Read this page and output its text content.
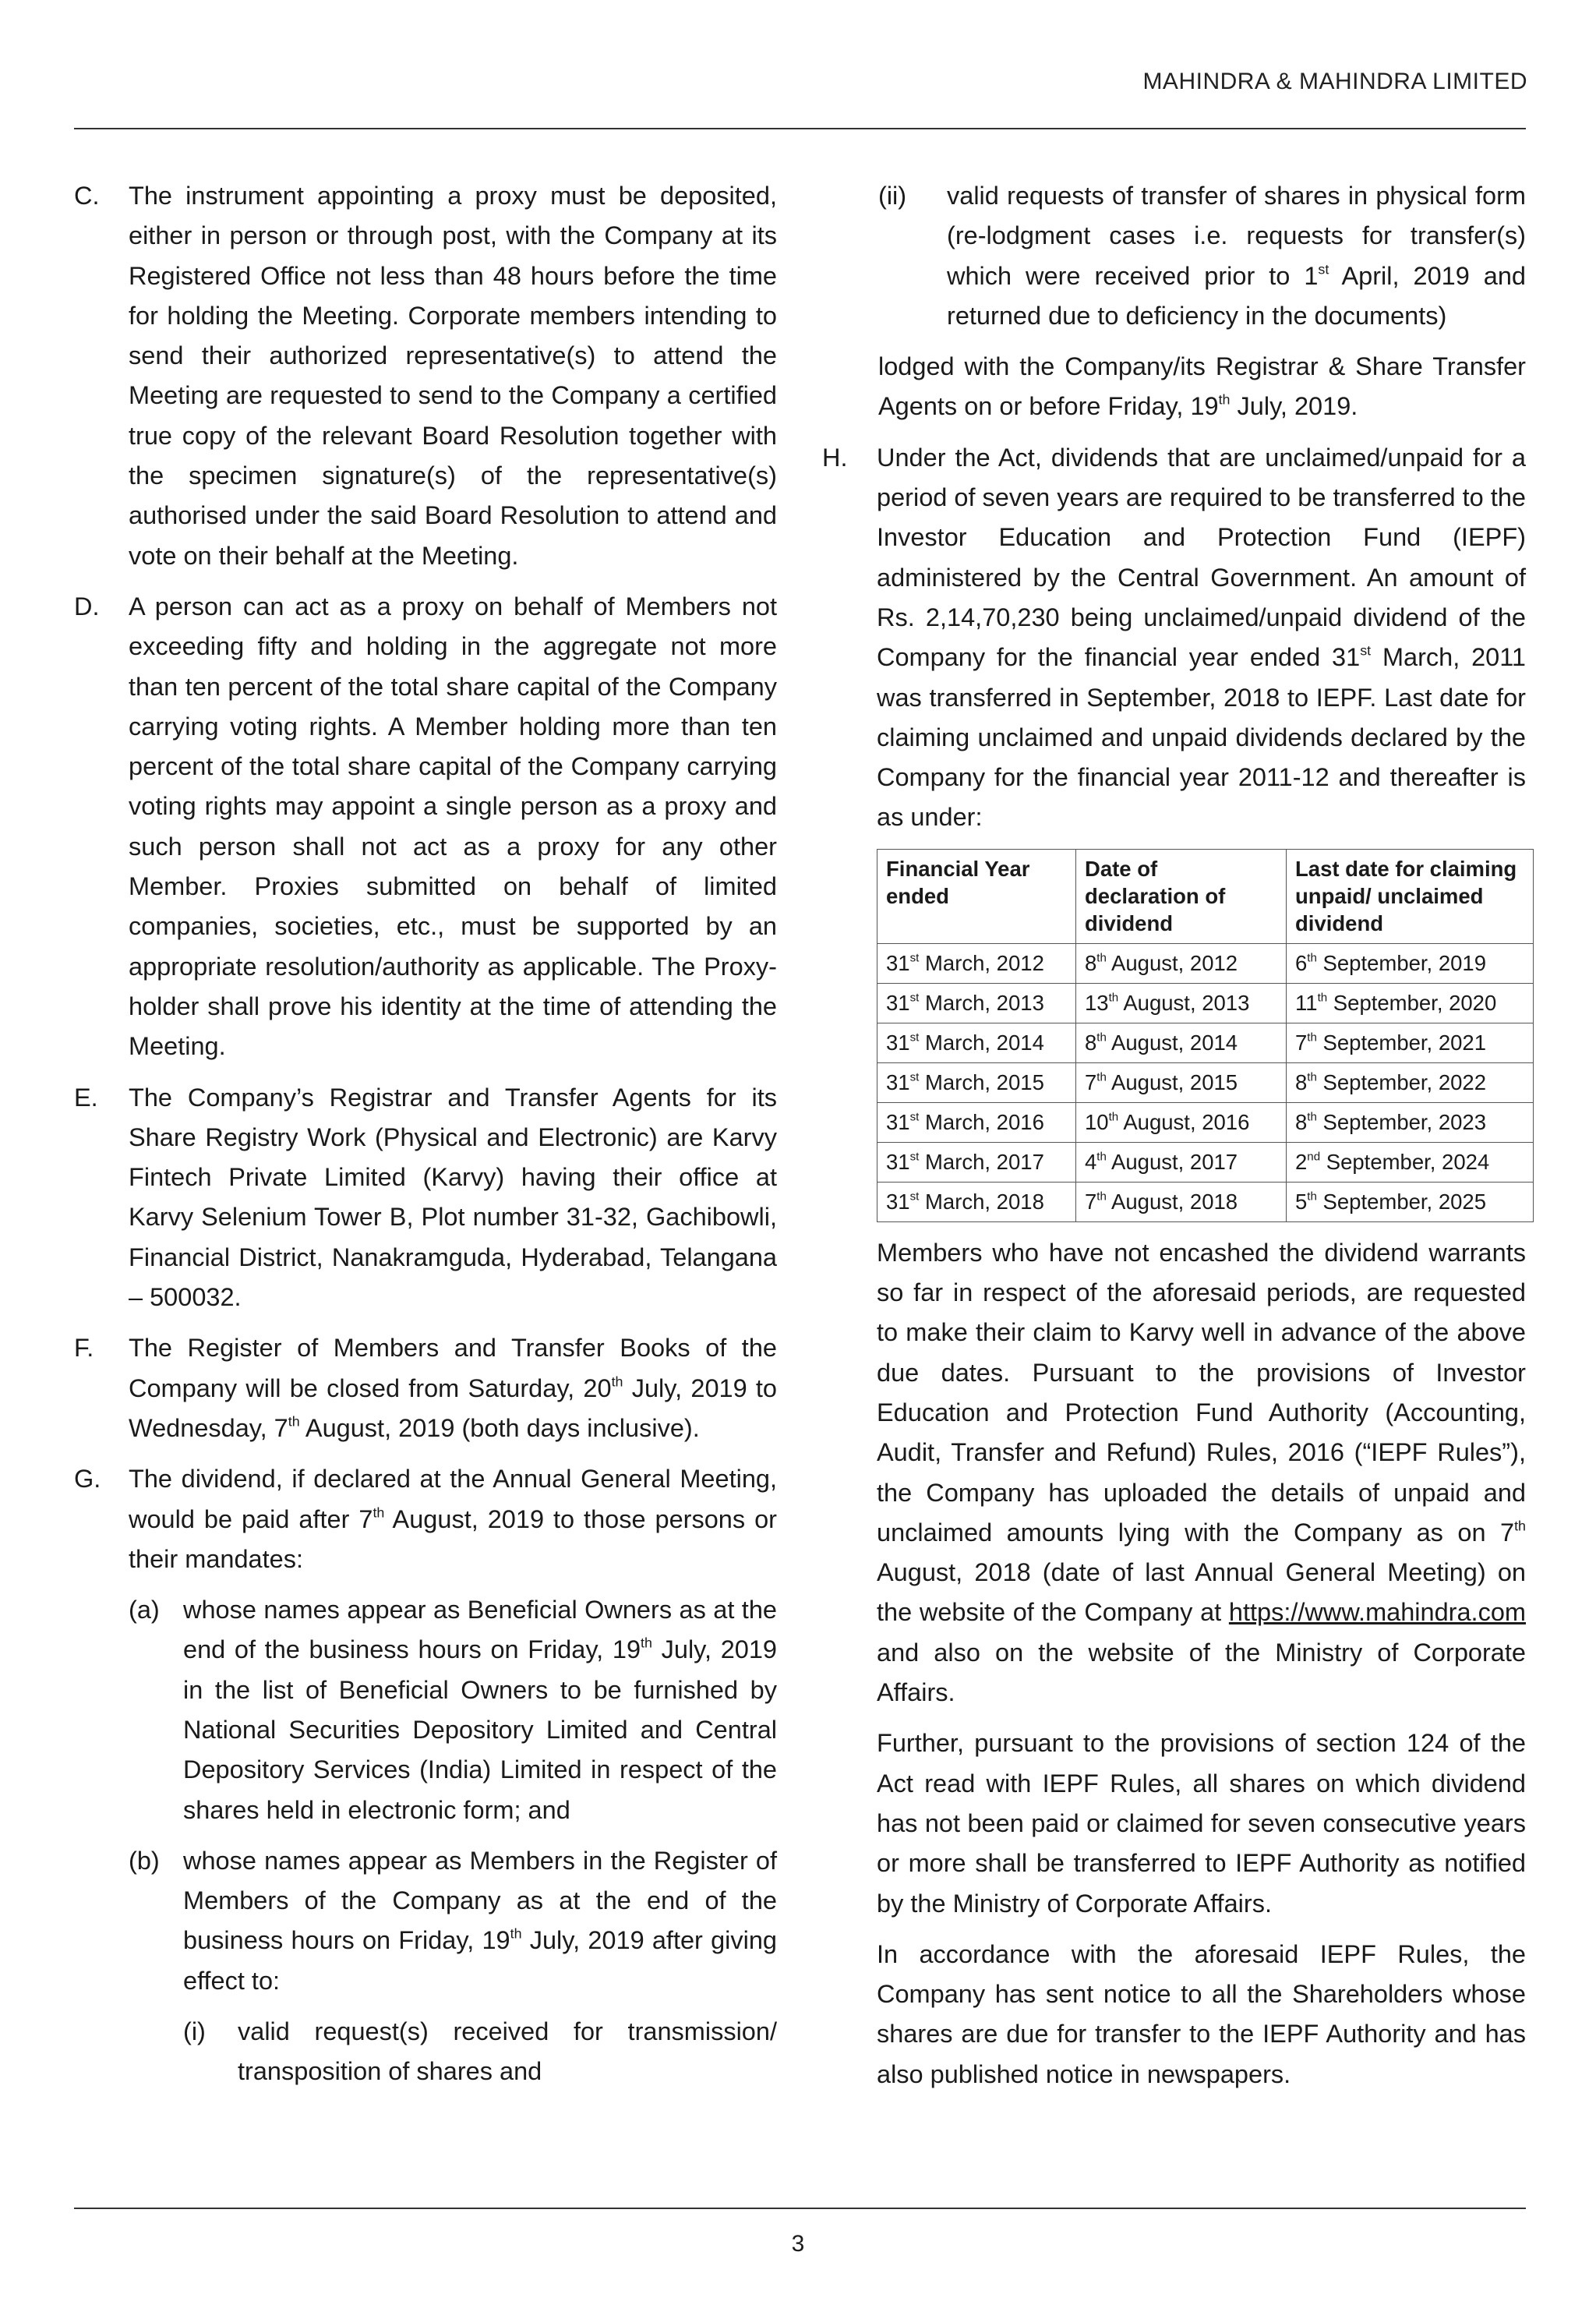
MAHINDRA & MAHINDRA LIMITED
C. The instrument appointing a proxy must be deposited, either in person or through post, with the Company at its Registered Office not less than 48 hours before the time for holding the Meeting. Corporate members intending to send their authorized representative(s) to attend the Meeting are requested to send to the Company a certified true copy of the relevant Board Resolution together with the specimen signature(s) of the representative(s) authorised under the said Board Resolution to attend and vote on their behalf at the Meeting.

D. A person can act as a proxy on behalf of Members not exceeding fifty and holding in the aggregate not more than ten percent of the total share capital of the Company carrying voting rights. A Member holding more than ten percent of the total share capital of the Company carrying voting rights may appoint a single person as a proxy and such person shall not act as a proxy for any other Member. Proxies submitted on behalf of limited companies, societies, etc., must be supported by an appropriate resolution/authority as applicable. The Proxy-holder shall prove his identity at the time of attending the Meeting.

E. The Company’s Registrar and Transfer Agents for its Share Registry Work (Physical and Electronic) are Karvy Fintech Private Limited (Karvy) having their office at Karvy Selenium Tower B, Plot number 31-32, Gachibowli, Financial District, Nanakramguda, Hyderabad, Telangana – 500032.

F. The Register of Members and Transfer Books of the Company will be closed from Saturday, 20th July, 2019 to Wednesday, 7th August, 2019 (both days inclusive).

G. The dividend, if declared at the Annual General Meeting, would be paid after 7th August, 2019 to those persons or their mandates:

(a) whose names appear as Beneficial Owners as at the end of the business hours on Friday, 19th July, 2019 in the list of Beneficial Owners to be furnished by National Securities Depository Limited and Central Depository Services (India) Limited in respect of the shares held in electronic form; and

(b) whose names appear as Members in the Register of Members of the Company as at the end of the business hours on Friday, 19th July, 2019 after giving effect to:

(i) valid request(s) received for transmission/ transposition of shares and

(ii) valid requests of transfer of shares in physical form (re-lodgment cases i.e. requests for transfer(s) which were received prior to 1st April, 2019 and returned due to deficiency in the documents)

lodged with the Company/its Registrar & Share Transfer Agents on or before Friday, 19th July, 2019.

H. Under the Act, dividends that are unclaimed/unpaid for a period of seven years are required to be transferred to the Investor Education and Protection Fund (IEPF) administered by the Central Government. An amount of Rs. 2,14,70,230 being unclaimed/unpaid dividend of the Company for the financial year ended 31st March, 2011 was transferred in September, 2018 to IEPF. Last date for claiming unclaimed and unpaid dividends declared by the Company for the financial year 2011-12 and thereafter is as under:

Financial Year ended	Date of declaration of dividend	Last date for claiming unpaid/ unclaimed dividend
31st March, 2012	8th August, 2012	6th September, 2019
31st March, 2013	13th August, 2013	11th September, 2020
31st March, 2014	8th August, 2014	7th September, 2021
31st March, 2015	7th August, 2015	8th September, 2022
31st March, 2016	10th August, 2016	8th September, 2023
31st March, 2017	4th August, 2017	2nd September, 2024
31st March, 2018	7th August, 2018	5th September, 2025

Members who have not encashed the dividend warrants so far in respect of the aforesaid periods, are requested to make their claim to Karvy well in advance of the above due dates. Pursuant to the provisions of Investor Education and Protection Fund Authority (Accounting, Audit, Transfer and Refund) Rules, 2016 (“IEPF Rules”), the Company has uploaded the details of unpaid and unclaimed amounts lying with the Company as on 7th August, 2018 (date of last Annual General Meeting) on the website of the Company at https://www.mahindra.com and also on the website of the Ministry of Corporate Affairs.

Further, pursuant to the provisions of section 124 of the Act read with IEPF Rules, all shares on which dividend has not been paid or claimed for seven consecutive years or more shall be transferred to IEPF Authority as notified by the Ministry of Corporate Affairs.

In accordance with the aforesaid IEPF Rules, the Company has sent notice to all the Shareholders whose shares are due for transfer to the IEPF Authority and has also published notice in newspapers.

3
